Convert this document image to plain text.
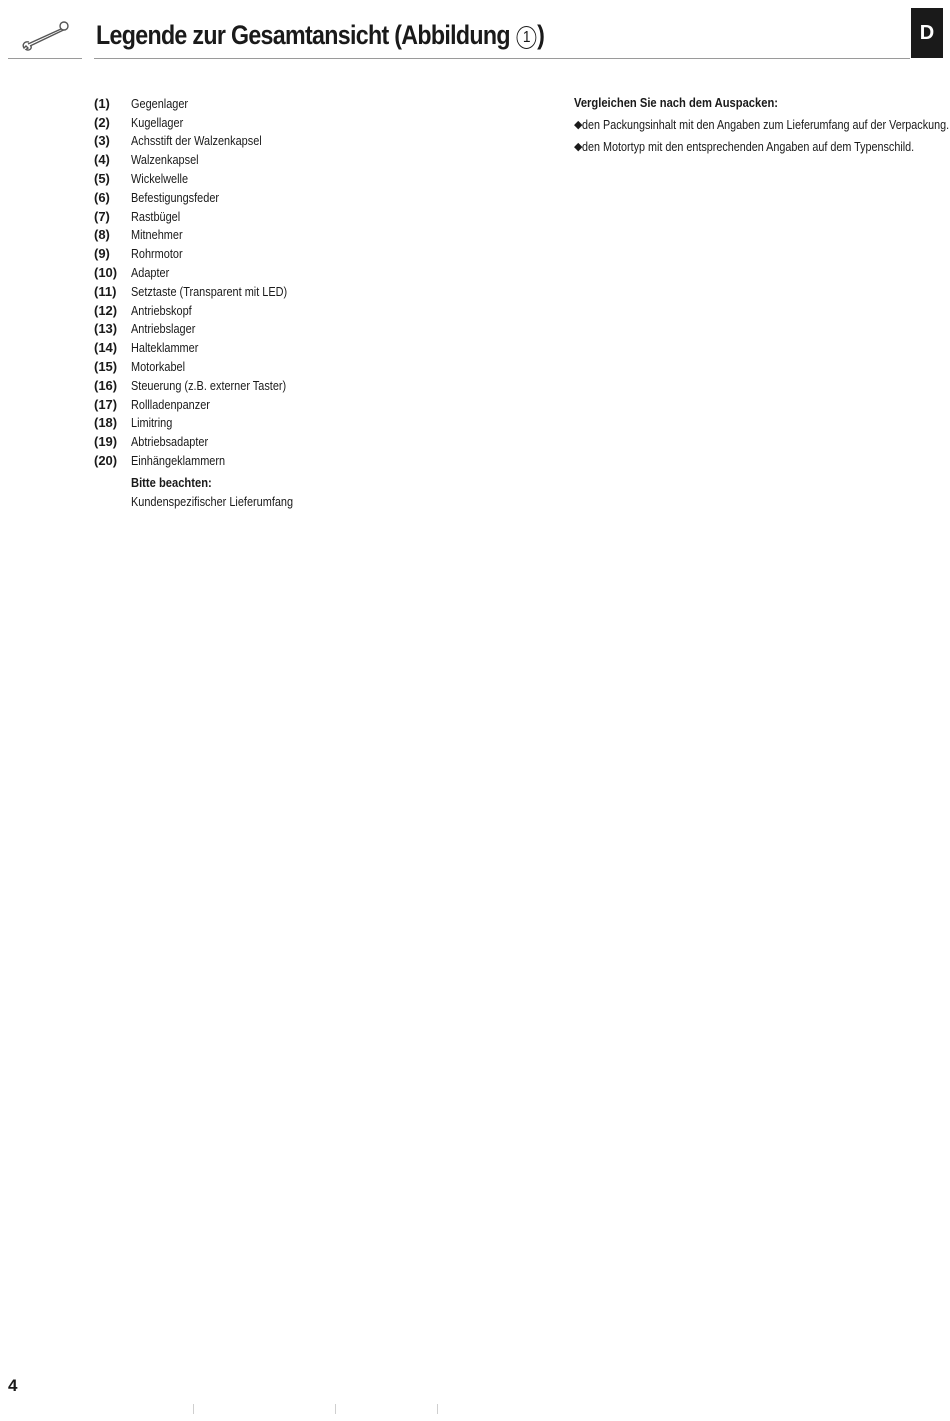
Legende zur Gesamtansicht (Abbildung 1 )	D
(1)	Gegenlager
(2)	Kugellager
(3)	Achsstift der Walzenkapsel
(4)	Walzenkapsel
(5)	Wickelwelle
(6)	Befestigungsfeder
(7)	Rastbügel
(8)	Mitnehmer
(9)	Rohrmotor
(10)	Adapter
(11)	Setztaste (Transparent mit LED)
(12)	Antriebskopf
(13)	Antriebslager
(14)	Halteklammer
(15)	Motorkabel
(16)	Steuerung (z.B. externer Taster)
(17)	Rollladenpanzer
(18)	Limitring
(19)	Abtriebsadapter
(20)	Einhängeklammern
Bitte beachten:
Kundenspezifischer Lieferumfang
Vergleichen Sie nach dem Auspacken:
◆ den Packungsinhalt mit den Angaben zum Lieferumfang auf der Verpackung.
◆ den Motortyp mit den entsprechenden Angaben auf dem Typenschild.
4
